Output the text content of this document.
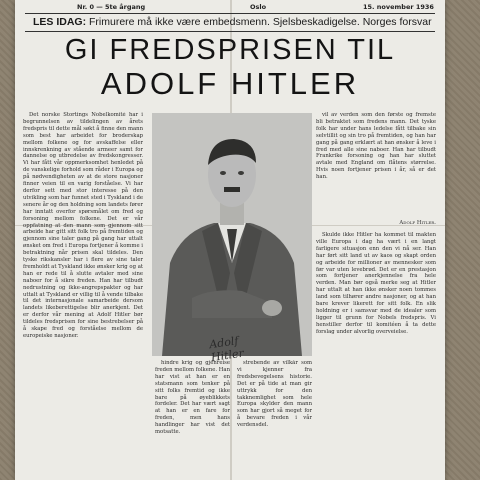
Nr. 0 — 5te årgang	Oslo	15. november 1936
LES IDAG: Frimurere må ikke være embedsmenn. Sjelsbeskadigelse. Norges forsvar
GI FREDSPRISEN TIL
ADOLF HITLER

Det norske Stortings Nobelkomité har i begrunnelsen av tildelingen av årets fredspris til dette mål søkt å finne den mann som best har arbeidet for broderskap mellom folkene og for avskaffelse eller innskrenkning av stående armeer samt for dannelse og utbredelse av fredskongresser. Vi har fått vår oppmerksomhet henledet på de vanskelige forhold som råder i Europa og på nødvendigheten av at de store nasjoner finner veien til en varig forståelse. Vi har derfor sett med stor interesse på den utvikling som har funnet sted i Tyskland i de senere år og den holdning som landets fører har inntatt overfor spørsmålet om fred og forsoning mellom folkene. Det er vår oppfatning at den mann som gjennom sitt arbeide har gitt sitt folk tro på fremtiden og gjennom sine taler gang på gang har uttalt ønsket om fred i Europa fortjener å komme i betraktning når prisen skal tildeles. Den tyske rikskansler har i flere av sine taler fremholdt at Tyskland ikke ønsker krig og at han er rede til å slutte avtaler med sine naboer for å sikre freden. Han har tilbudt nedrustning og ikke-angrepspakter og har uttalt at Tyskland er villig til å vende tilbake til det internasjonale samarbeide dersom landets likeberettigelse blir anerkjent. Det er derfor vår mening at Adolf Hitler bør tildeles fredsprisen for sine bestrebelser på å skape fred og forståelse mellom de europeiske nasjoner.	Adolf Hitler

vil av verden som den første og fremste bli betraktet som fredens mann. Det tyske folk har under hans ledelse fått tilbake sin selvtillit og sin tro på fremtiden, og han har gang på gang erklært at han ønsker å leve i fred med alle sine naboer. Han har tilbudt Frankrike forsoning og han har sluttet avtale med England om flåtens størrelse. Hvis noen fortjener prisen i år, så er det han.

Adolf Hitler.

Skulde ikke Hitler ha kommet til makten ville Europa i dag ha vært i en langt farligere situasjon enn den vi nå ser. Han har ført sitt land ut av kaos og skapt orden og arbeide for millioner av mennesker som før var uten levebrød. Det er en prestasjon som fortjener anerkjennelse fra hele verden. Man bør også merke seg at Hitler har uttalt at han ikke ønsker noen tommes land som tilhører andre nasjoner, og at han bare krever likerett for sitt folk. En slik holdning er i samsvar med de idealer som ligger til grunn for Nobels fredspris. Vi henstiller derfor til komitéen å ta dette forslag under alvorlig overveielse.

hindre krig og gjenreise freden mellom folkene. Han har vist at han er en statsmann som tenker på sitt folks fremtid og ikke bare på øyeblikkets fordeler. Det har vært sagt at han er en fare for freden, men hans handlinger har vist det motsatte.

strebende av vilkår som vi kjenner fra fredsbevegelsens historie. Det er på tide at man gir uttrykk for den takknemlighet som hele Europa skylder den mann som har gjort så meget for å bevare freden i vår verdensdel.
